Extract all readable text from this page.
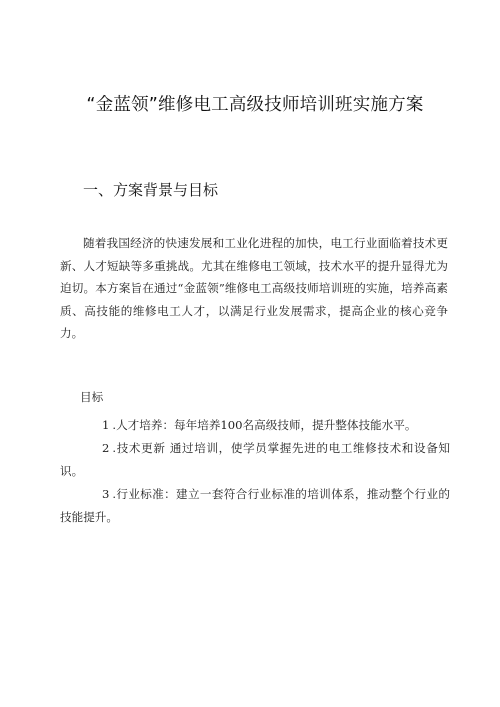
“金蓝领”维修电工高级技师培训班实施方案
一、方案背景与目标

随着我国经济的快速发展和工业化进程的加快，电工行业面临着技术更新、人才短缺等多重挑战。尤其在维修电工领域，技术水平的提升显得尤为迫切。本方案旨在通过“金蓝领”维修电工高级技师培训班的实施，培养高素质、高技能的维修电工人才，以满足行业发展需求，提高企业的核心竞争力。

目标

1 .人才培养：每年培养100名高级技师，提升整体技能水平。
2 .技术更新 通过培训，使学员掌握先进的电工维修技术和设备知识。
3 .行业标准：建立一套符合行业标准的培训体系，推动整个行业的技能提升。
